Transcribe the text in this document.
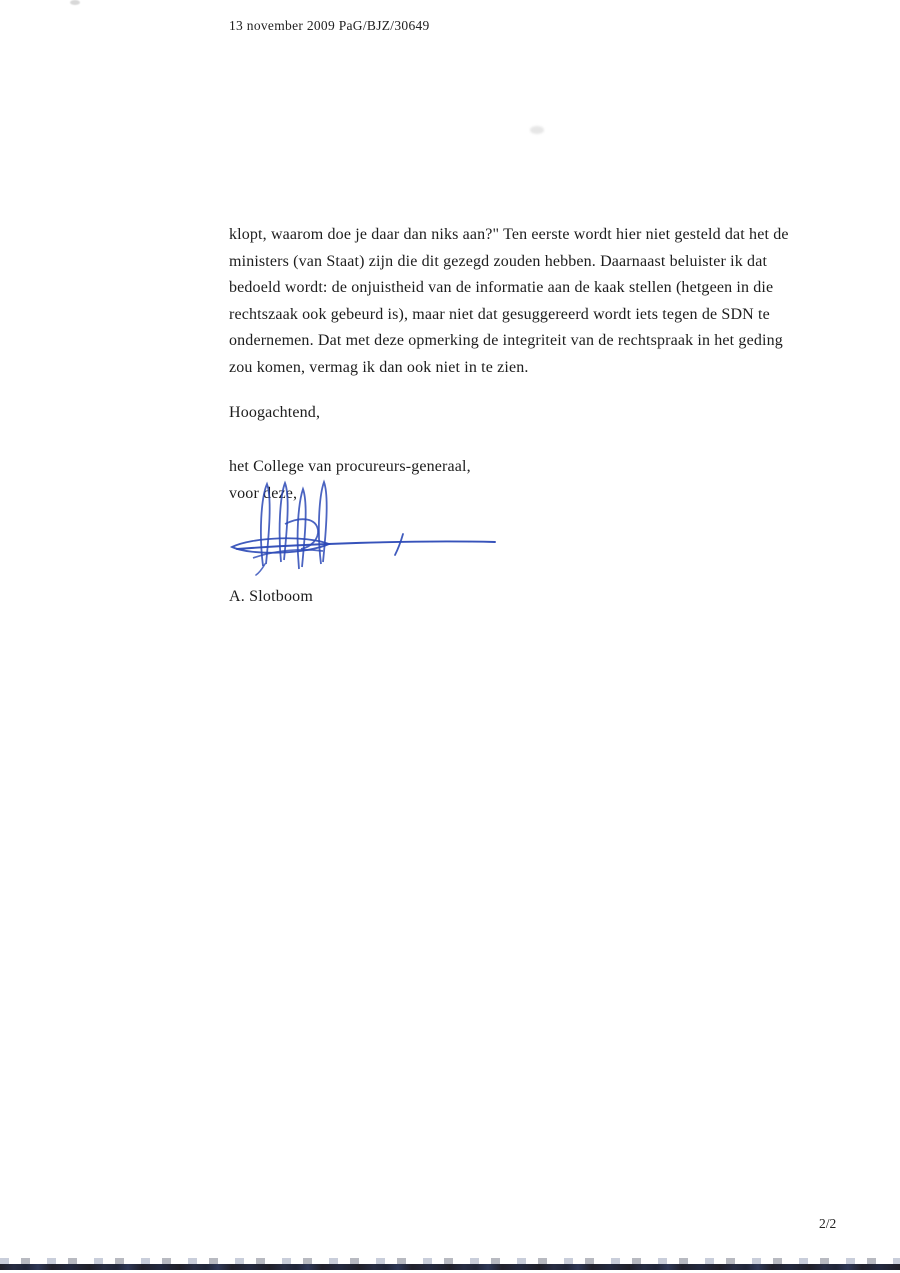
13 november 2009 PaG/BJZ/30649
klopt, waarom doe je daar dan niks aan?" Ten eerste wordt hier niet gesteld dat het de
ministers (van Staat) zijn die dit gezegd zouden hebben. Daarnaast beluister ik dat
bedoeld wordt: de onjuistheid van de informatie aan de kaak stellen (hetgeen in die
rechtszaak ook gebeurd is), maar niet dat gesuggereerd wordt iets tegen de SDN te
ondernemen. Dat met deze opmerking de integriteit van de rechtspraak in het geding
zou komen, vermag ik dan ook niet in te zien.
Hoogachtend,
het College van procureurs-generaal,
voor deze,
A. Slotboom
2/2
